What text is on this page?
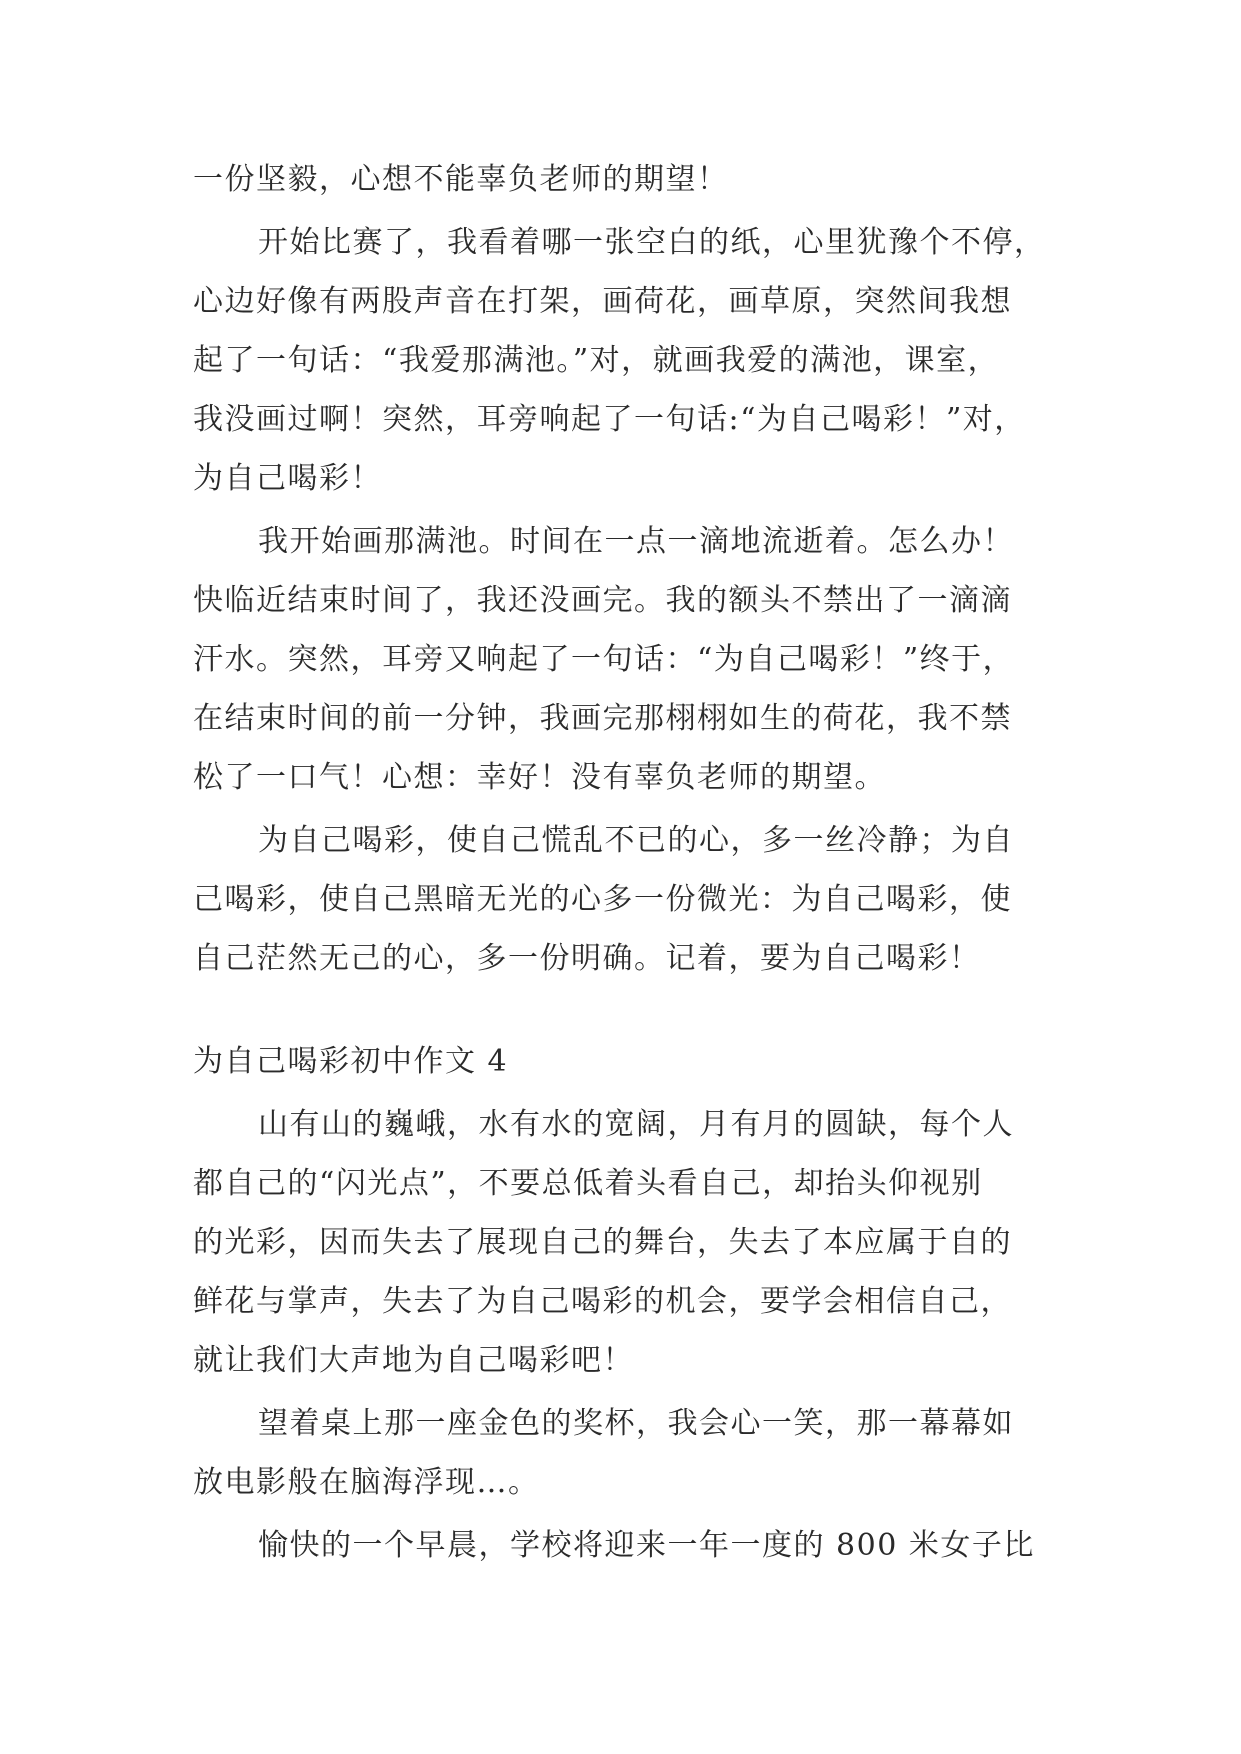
一份坚毅，心想不能辜负老师的期望！
开始比赛了，我看着哪一张空白的纸，心里犹豫个不停，
心边好像有两股声音在打架，画荷花，画草原，突然间我想
起了一句话：“我爱那满池。”对，就画我爱的满池，课室，
我没画过啊！突然，耳旁响起了一句话:“为自己喝彩！”对，
为自己喝彩！
我开始画那满池。时间在一点一滴地流逝着。怎么办！
快临近结束时间了，我还没画完。我的额头不禁出了一滴滴
汗水。突然，耳旁又响起了一句话：“为自己喝彩！”终于，
在结束时间的前一分钟，我画完那栩栩如生的荷花，我不禁
松了一口气！心想：幸好！没有辜负老师的期望。
为自己喝彩，使自己慌乱不已的心，多一丝冷静；为自
己喝彩，使自己黑暗无光的心多一份微光：为自己喝彩，使
自己茫然无己的心，多一份明确。记着，要为自己喝彩！
为自己喝彩初中作文 4
山有山的巍峨，水有水的宽阔，月有月的圆缺，每个人
都自己的“闪光点”，不要总低着头看自己，却抬头仰视别
的光彩，因而失去了展现自己的舞台，失去了本应属于自的
鲜花与掌声，失去了为自己喝彩的机会，要学会相信自己，
就让我们大声地为自己喝彩吧！
望着桌上那一座金色的奖杯，我会心一笑，那一幕幕如
放电影般在脑海浮现…。
愉快的一个早晨，学校将迎来一年一度的 800 米女子比
